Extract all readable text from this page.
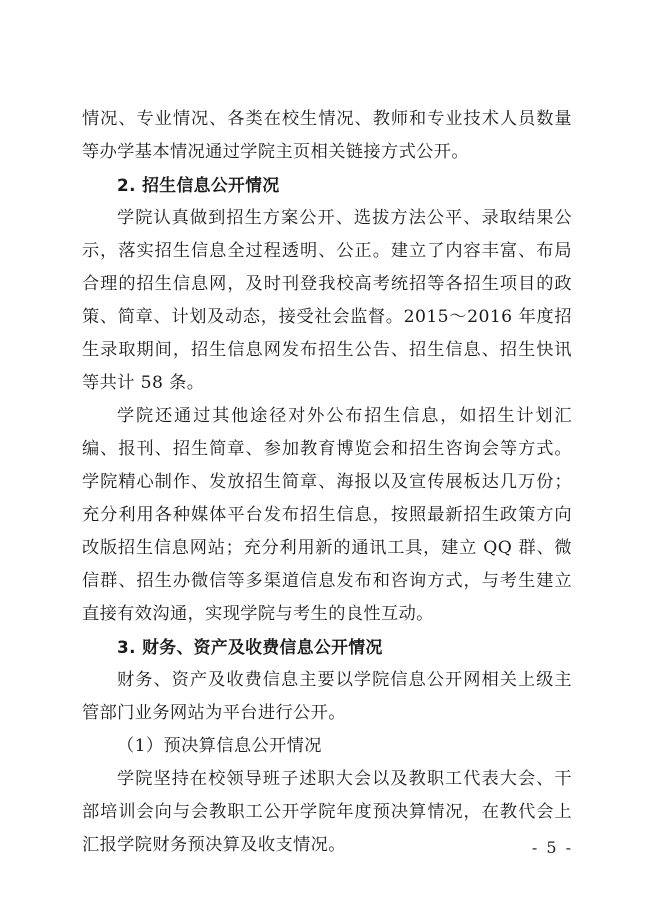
情况、专业情况、各类在校生情况、教师和专业技术人员数量等办学基本情况通过学院主页相关链接方式公开。

2. 招生信息公开情况

学院认真做到招生方案公开、选拔方法公平、录取结果公示，落实招生信息全过程透明、公正。建立了内容丰富、布局合理的招生信息网，及时刊登我校高考统招等各招生项目的政策、简章、计划及动态，接受社会监督。2015～2016 年度招生录取期间，招生信息网发布招生公告、招生信息、招生快讯等共计 58 条。

学院还通过其他途径对外公布招生信息，如招生计划汇编、报刊、招生简章、参加教育博览会和招生咨询会等方式。学院精心制作、发放招生简章、海报以及宣传展板达几万份；充分利用各种媒体平台发布招生信息，按照最新招生政策方向改版招生信息网站；充分利用新的通讯工具，建立 QQ 群、微信群、招生办微信等多渠道信息发布和咨询方式，与考生建立直接有效沟通，实现学院与考生的良性互动。

3. 财务、资产及收费信息公开情况

财务、资产及收费信息主要以学院信息公开网相关上级主管部门业务网站为平台进行公开。

（1）预决算信息公开情况

学院坚持在校领导班子述职大会以及教职工代表大会、干部培训会向与会教职工公开学院年度预决算情况，在教代会上汇报学院财务预决算及收支情况。	- 5 -
